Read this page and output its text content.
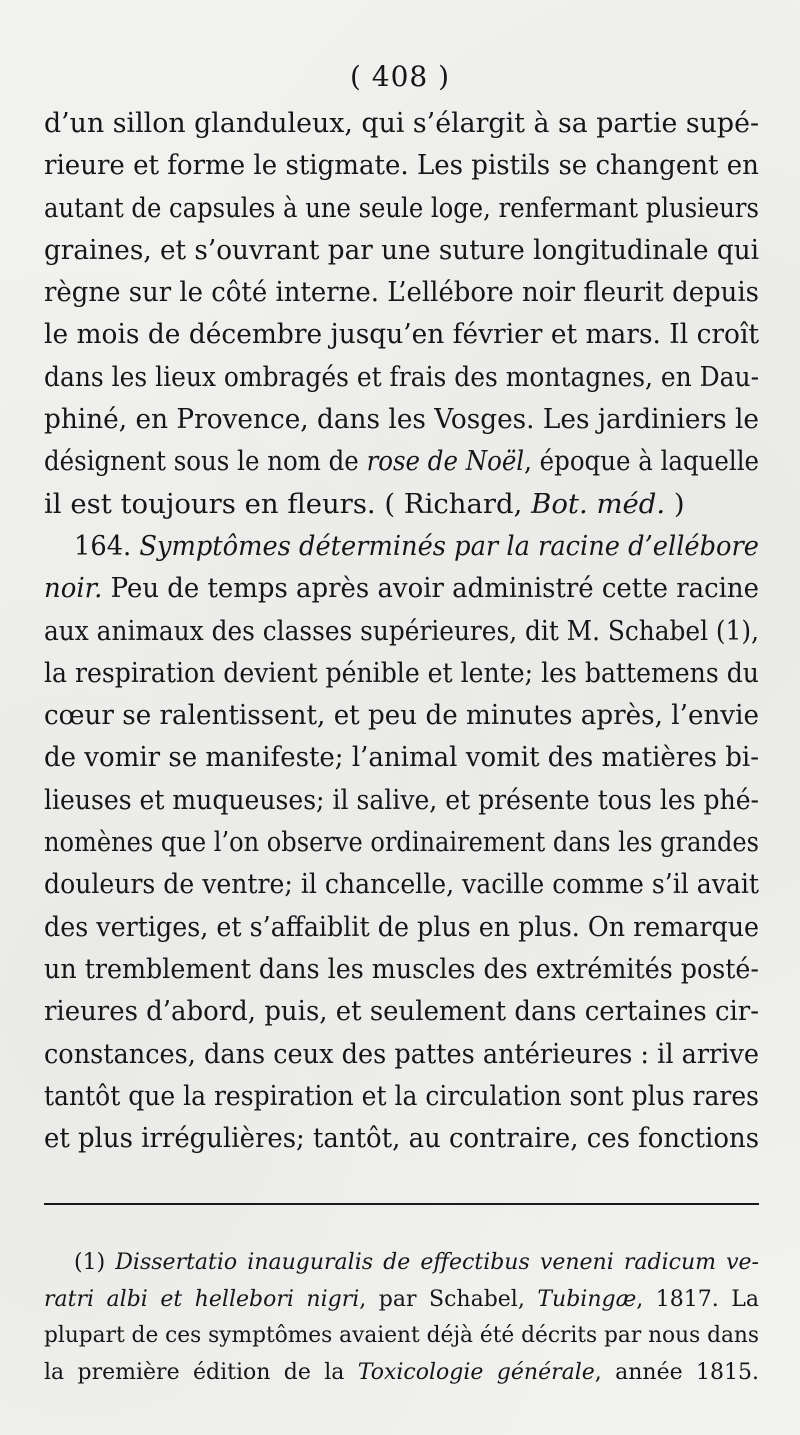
( 408 )
d’un sillon glanduleux, qui s’élargit à sa partie supé-
rieure et forme le stigmate. Les pistils se changent en
autant de capsules à une seule loge, renfermant plusieurs
graines, et s’ouvrant par une suture longitudinale qui
règne sur le côté interne. L’ellébore noir fleurit depuis
le mois de décembre jusqu’en février et mars. Il croît
dans les lieux ombragés et frais des montagnes, en Dau-
phiné, en Provence, dans les Vosges. Les jardiniers le
désignent sous le nom de rose de Noël, époque à laquelle
il est toujours en fleurs. ( Richard, Bot. méd. )
164. Symptômes déterminés par la racine d’ellébore
noir. Peu de temps après avoir administré cette racine
aux animaux des classes supérieures, dit M. Schabel (1),
la respiration devient pénible et lente; les battemens du
cœur se ralentissent, et peu de minutes après, l’envie
de vomir se manifeste; l’animal vomit des matières bi-
lieuses et muqueuses; il salive, et présente tous les phé-
nomènes que l’on observe ordinairement dans les grandes
douleurs de ventre; il chancelle, vacille comme s’il avait
des vertiges, et s’affaiblit de plus en plus. On remarque
un tremblement dans les muscles des extrémités posté-
rieures d’abord, puis, et seulement dans certaines cir-
constances, dans ceux des pattes antérieures : il arrive
tantôt que la respiration et la circulation sont plus rares
et plus irrégulières; tantôt, au contraire, ces fonctions
(1) Dissertatio inauguralis de effectibus veneni radicum ve-
ratri albi et hellebori nigri, par Schabel, Tubingæ, 1817. La
plupart de ces symptômes avaient déjà été décrits par nous dans
la première édition de la Toxicologie générale, année 1815.
